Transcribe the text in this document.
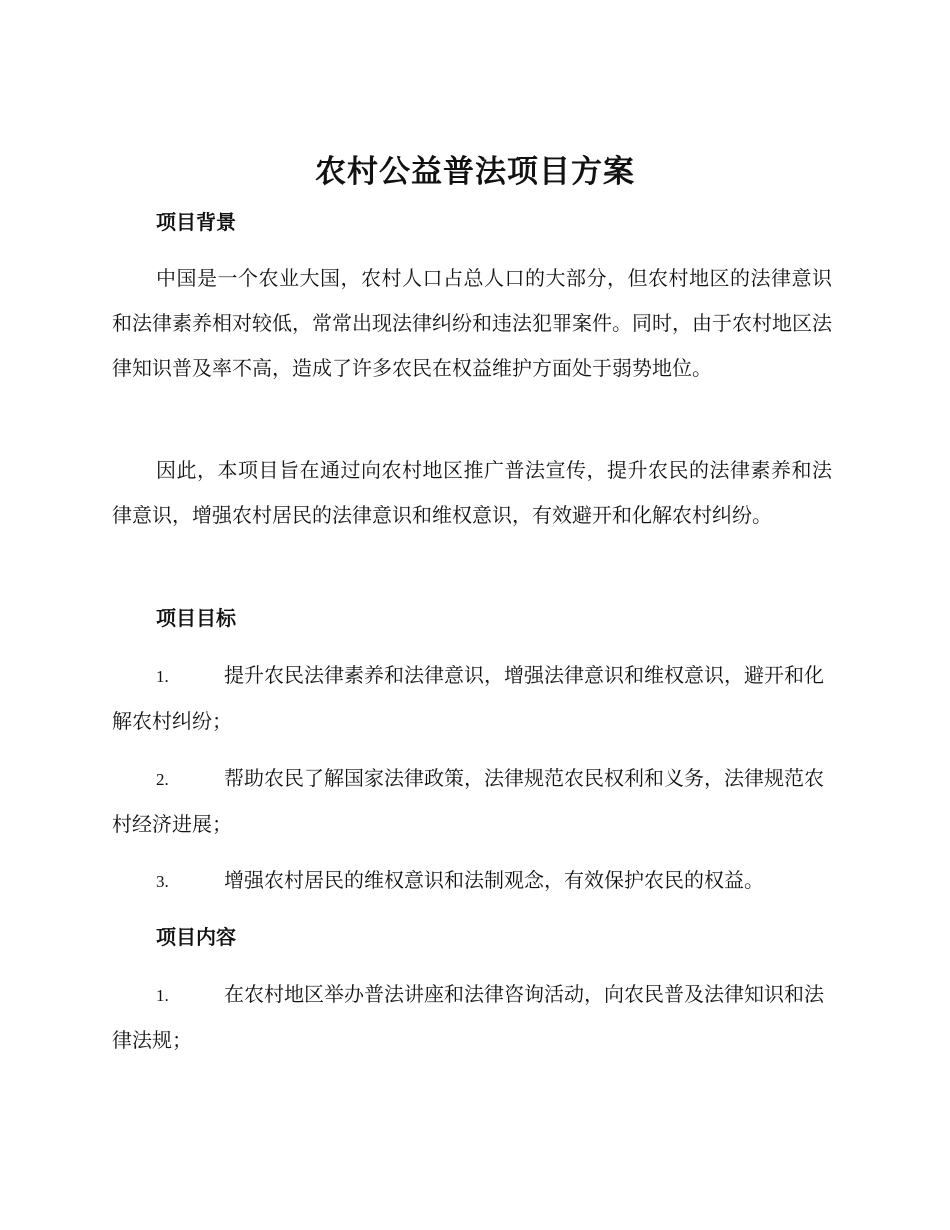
农村公益普法项目方案
项目背景
中国是一个农业大国，农村人口占总人口的大部分，但农村地区的法律意识和法律素养相对较低，常常出现法律纠纷和违法犯罪案件。同时，由于农村地区法律知识普及率不高，造成了许多农民在权益维护方面处于弱势地位。
因此，本项目旨在通过向农村地区推广普法宣传，提升农民的法律素养和法律意识，增强农村居民的法律意识和维权意识，有效避开和化解农村纠纷。
项目目标
1.	提升农民法律素养和法律意识，增强法律意识和维权意识，避开和化解农村纠纷；
2.	帮助农民了解国家法律政策，法律规范农民权利和义务，法律规范农村经济进展；
3.	增强农村居民的维权意识和法制观念，有效保护农民的权益。
项目内容
1.	在农村地区举办普法讲座和法律咨询活动，向农民普及法律知识和法律法规；
